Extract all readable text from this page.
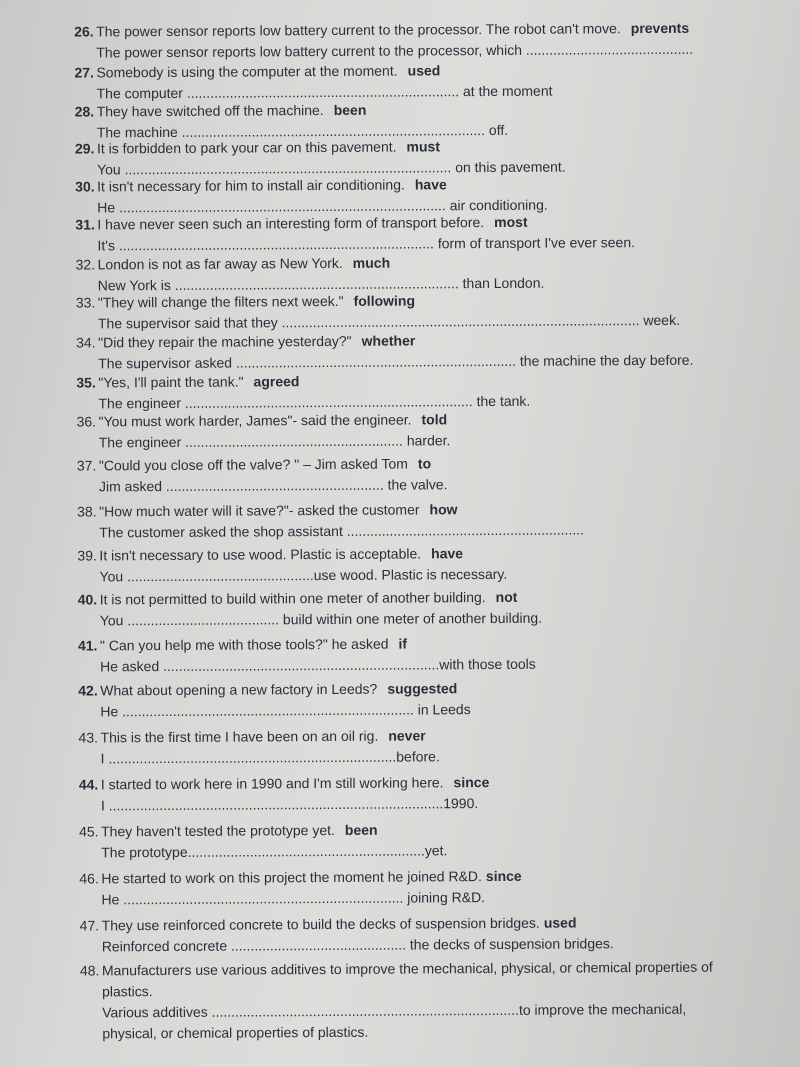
26. The power sensor reports low battery current to the processor. The robot can't move. prevents
The power sensor reports low battery current to the processor, which ...........................................
27. Somebody is using the computer at the moment. used
The computer ...................................................................... at the moment
28. They have switched off the machine. been
The machine .............................................................................. off.
29. It is forbidden to park your car on this pavement. must
You .................................................................................... on this pavement.
30. It isn't necessary for him to install air conditioning. have
He .................................................................................... air conditioning.
31. I have never seen such an interesting form of transport before. most
It's ................................................................................. form of transport I've ever seen.
32. London is not as far away as New York. much
New York is ......................................................................... than London.
33. "They will change the filters next week." following
The supervisor said that they ............................................................................................ week.
34. "Did they repair the machine yesterday?" whether
The supervisor asked ........................................................................ the machine the day before.
35. "Yes, I'll paint the tank." agreed
The engineer .......................................................................... the tank.
36. "You must work harder, James"- said the engineer. told
The engineer ........................................................ harder.
37. "Could you close off the valve? " – Jim asked Tom to
Jim asked ........................................................ the valve.
38. "How much water will it save?"- asked the customer how
The customer asked the shop assistant .............................................................
39. It isn't necessary to use wood. Plastic is acceptable. have
You ................................................use wood. Plastic is necessary.
40. It is not permitted to build within one meter of another building. not
You ....................................... build within one meter of another building.
41. " Can you help me with those tools?" he asked if
He asked .......................................................................with those tools
42. What about opening a new factory in Leeds? suggested
He ........................................................................... in Leeds
43. This is the first time I have been on an oil rig. never
I ..........................................................................before.
44. I started to work here in 1990 and I'm still working here. since
I ......................................................................................1990.
45. They haven't tested the prototype yet. been
The prototype.............................................................yet.
46. He started to work on this project the moment he joined R&D. since
He ........................................................................ joining R&D.
47. They use reinforced concrete to build the decks of suspension bridges. used
Reinforced concrete ............................................. the decks of suspension bridges.
48. Manufacturers use various additives to improve the mechanical, physical, or chemical properties of
plastics.
Various additives ...............................................................................to improve the mechanical,
physical, or chemical properties of plastics.
